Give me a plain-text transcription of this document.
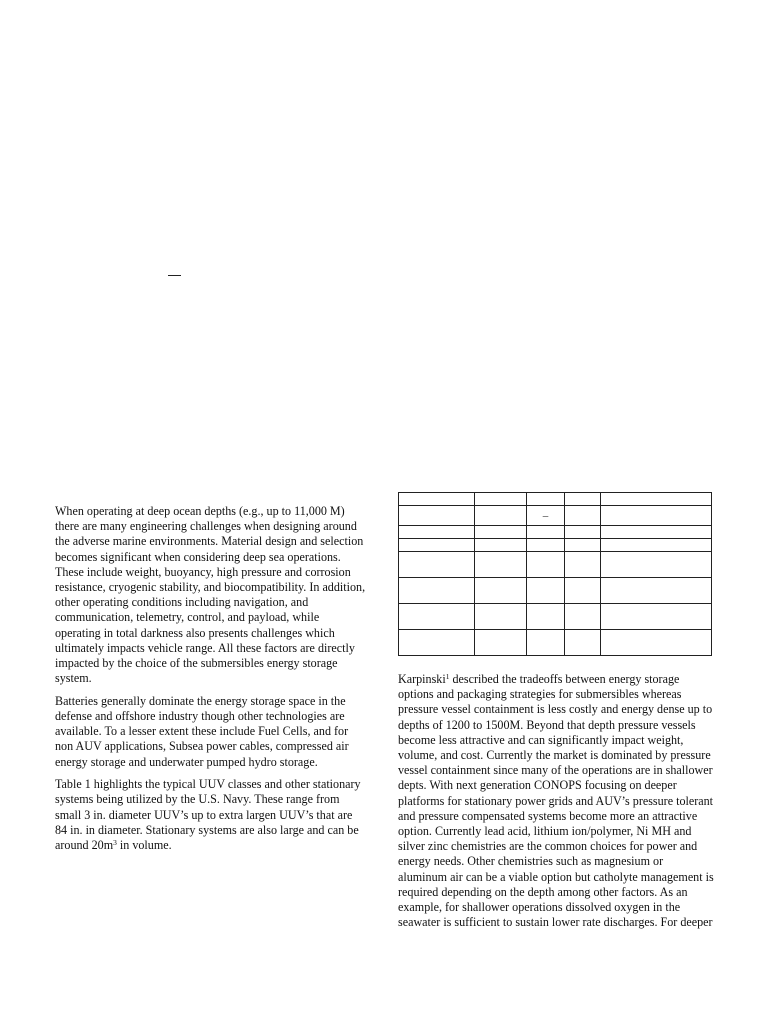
When operating at deep ocean depths (e.g., up to 11,000 M) there are many engineering challenges when designing around the adverse marine environments. Material design and selection becomes significant when considering deep sea operations. These include weight, buoyancy, high pressure and corrosion resistance, cryogenic stability, and biocompatibility. In addition, other operating conditions including navigation, and communication, telemetry, control, and payload, while operating in total darkness also presents challenges which ultimately impacts vehicle range. All these factors are directly impacted by the choice of the submersibles energy storage system.

Batteries generally dominate the energy storage space in the defense and offshore industry though other technologies are available. To a lesser extent these include Fuel Cells, and for non AUV applications, Subsea power cables, compressed air energy storage and underwater pumped hydro storage.

Table 1 highlights the typical UUV classes and other stationary systems being utilized by the U.S. Navy. These range from small 3 in. diameter UUV’s up to extra largen UUV’s that are 84 in. in diameter. Stationary systems are also large and can be around $20m^3$ in volume.

		–		

Karpinski$^1$ described the tradeoffs between energy storage options and packaging strategies for submersibles whereas pressure vessel containment is less costly and energy dense up to depths of 1200 to 1500M. Beyond that depth pressure vessels become less attractive and can significantly impact weight, volume, and cost. Currently the market is dominated by pressure vessel containment since many of the operations are in shallower depts. With next generation CONOPS focusing on deeper platforms for stationary power grids and AUV’s pressure tolerant and pressure compensated systems become more an attractive option. Currently lead acid, lithium ion/polymer, Ni MH and silver zinc chemistries are the common choices for power and energy needs. Other chemistries such as magnesium or aluminum air can be a viable option but catholyte management is required depending on the depth among other factors. As an example, for shallower operations dissolved oxygen in the seawater is sufficient to sustain lower rate discharges. For deeper
